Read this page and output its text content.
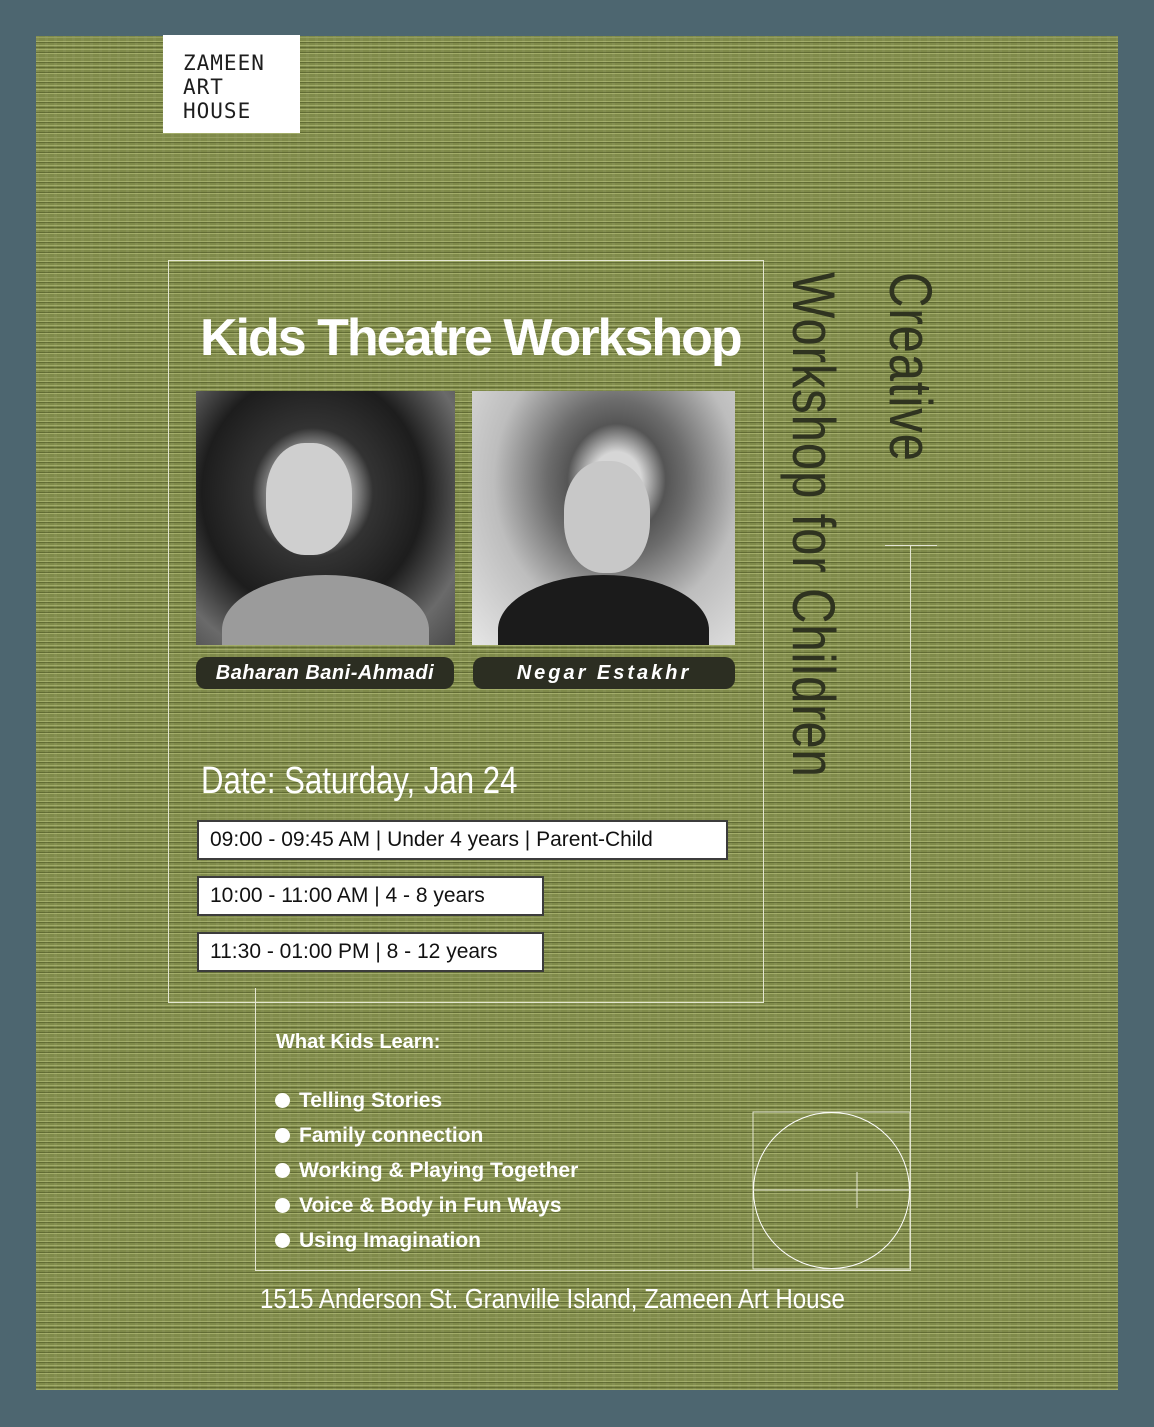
ZAMEEN
ART
HOUSE
Kids Theatre Workshop
Baharan Bani-Ahmadi	Negar Estakhr
Creative
Workshop for Children
Date: Saturday, Jan 24
09:00 - 09:45 AM | Under 4 years | Parent-Child
10:00 - 11:00 AM | 4 - 8 years
11:30 - 01:00 PM | 8 - 12 years
What Kids Learn:
Telling Stories
Family connection
Working & Playing Together
Voice & Body in Fun Ways
Using Imagination
1515 Anderson St. Granville Island, Zameen Art House
